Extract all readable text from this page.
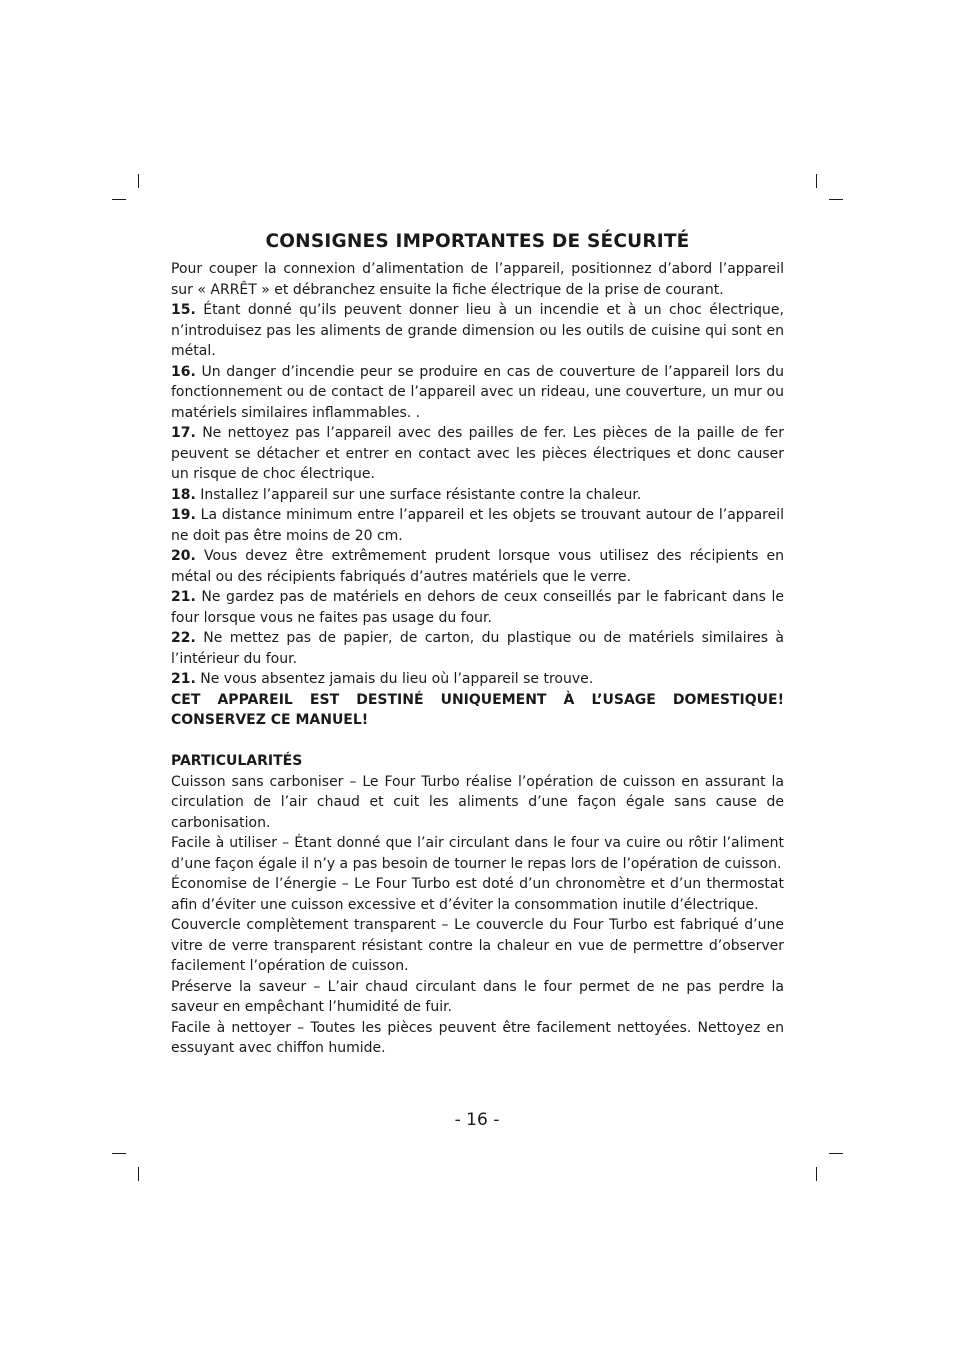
CONSIGNES IMPORTANTES DE SÉCURITÉ

Pour couper la connexion d’alimentation de l’appareil, positionnez d’abord l’appareil sur « ARRÊT » et débranchez ensuite la fiche électrique de la prise de courant.

15. Étant donné qu’ils peuvent donner lieu à un incendie et à un choc électrique, n’introduisez pas les aliments de grande dimension ou les outils de cuisine qui sont en métal.

16. Un danger d’incendie peur se produire en cas de couverture de l’appareil lors du fonctionnement ou de contact de l’appareil avec un rideau, une couverture, un mur ou matériels similaires inflammables. .

17. Ne nettoyez pas l’appareil avec des pailles de fer. Les pièces de la paille de fer peuvent se détacher et entrer en contact avec les pièces électriques et donc causer un risque de choc électrique.

18. Installez l’appareil sur une surface résistante contre la chaleur.

19. La distance minimum entre l’appareil et les objets se trouvant autour de l’appareil ne doit pas être moins de 20 cm.

20. Vous devez être extrêmement prudent lorsque vous utilisez des récipients en métal ou des récipients fabriqués d’autres matériels que le verre.

21. Ne gardez pas de matériels en dehors de ceux conseillés par le fabricant dans le four lorsque vous ne faites pas usage du four.

22. Ne mettez pas de papier, de carton, du plastique ou de matériels similaires à l’intérieur du four.

21. Ne vous absentez jamais du lieu où l’appareil se trouve.

CET APPAREIL EST DESTINÉ UNIQUEMENT À L’USAGE DOMESTIQUE! CONSERVEZ CE MANUEL!

PARTICULARITÉS

Cuisson sans carboniser – Le Four Turbo réalise l’opération de cuisson en assurant la circulation de l’air chaud et cuit les aliments d’une façon égale sans cause de carbonisation.

Facile à utiliser – Étant donné que l’air circulant dans le four va cuire ou rôtir l’aliment d’une façon égale il n’y a pas besoin de tourner le repas lors de l’opération de cuisson.

Économise de l’énergie – Le Four Turbo est doté d’un chronomètre et d’un thermostat afin d’éviter une cuisson excessive et d’éviter la consommation inutile d’électrique.

Couvercle complètement transparent – Le couvercle du Four Turbo est fabriqué d’une vitre de verre transparent résistant contre la chaleur en vue de permettre d’observer facilement l’opération de cuisson.

Préserve la saveur – L’air chaud circulant dans le four permet de ne pas perdre la saveur en empêchant l’humidité de fuir.

Facile à nettoyer – Toutes les pièces peuvent être facilement nettoyées. Nettoyez en essuyant avec chiffon humide.

- 16 -
